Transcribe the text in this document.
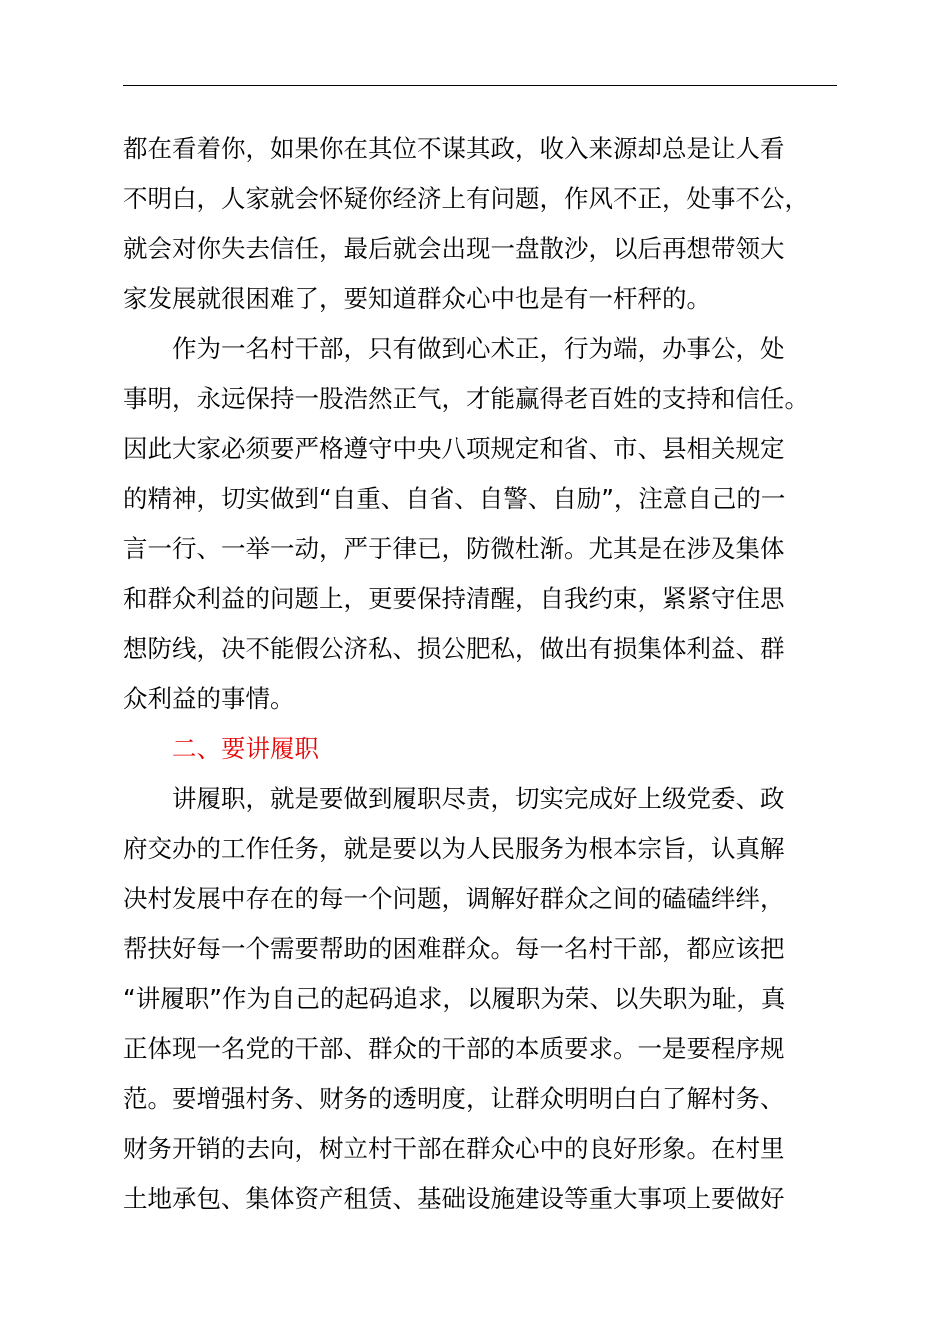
都在看着你，如果你在其位不谋其政，收入来源却总是让人看
不明白，人家就会怀疑你经济上有问题，作风不正，处事不公，
就会对你失去信任，最后就会出现一盘散沙，以后再想带领大
家发展就很困难了，要知道群众心中也是有一杆秤的。
作为一名村干部，只有做到心术正，行为端，办事公，处
事明，永远保持一股浩然正气，才能赢得老百姓的支持和信任。
因此大家必须要严格遵守中央八项规定和省、市、县相关规定
的精神，切实做到“自重、自省、自警、自励”，注意自己的一
言一行、一举一动，严于律已，防微杜渐。尤其是在涉及集体
和群众利益的问题上，更要保持清醒，自我约束，紧紧守住思
想防线，决不能假公济私、损公肥私，做出有损集体利益、群
众利益的事情。
二、要讲履职
讲履职，就是要做到履职尽责，切实完成好上级党委、政
府交办的工作任务，就是要以为人民服务为根本宗旨，认真解
决村发展中存在的每一个问题，调解好群众之间的磕磕绊绊，
帮扶好每一个需要帮助的困难群众。每一名村干部，都应该把
“讲履职”作为自己的起码追求，以履职为荣、以失职为耻，真
正体现一名党的干部、群众的干部的本质要求。一是要程序规
范。要增强村务、财务的透明度，让群众明明白白了解村务、
财务开销的去向，树立村干部在群众心中的良好形象。在村里
土地承包、集体资产租赁、基础设施建设等重大事项上要做好
